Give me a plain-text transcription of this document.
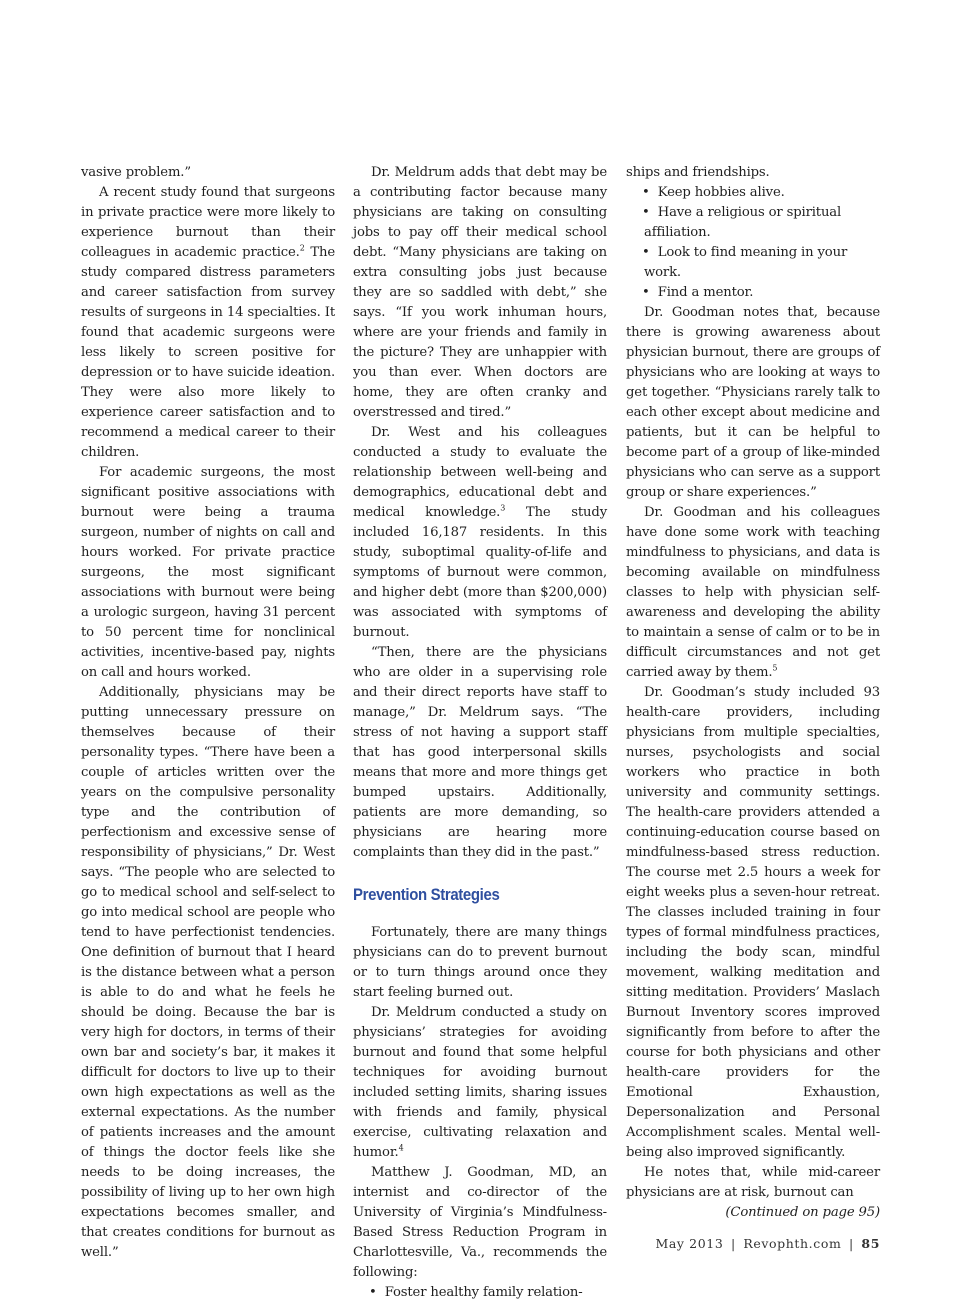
vasive problem.”

A recent study found that surgeons in private practice were more likely to experience burnout than their colleagues in academic practice.$^2$ The study compared distress parameters and career satisfaction from survey results of surgeons in 14 specialties. It found that academic surgeons were less likely to screen positive for depression or to have suicide ideation. They were also more likely to experience career satisfaction and to recommend a medical career to their children.

For academic surgeons, the most significant positive associations with burnout were being a trauma surgeon, number of nights on call and hours worked. For private practice surgeons, the most significant associations with burnout were being a urologic surgeon, having 31 percent to 50 percent time for nonclinical activities, incentive-based pay, nights on call and hours worked.

Additionally, physicians may be putting unnecessary pressure on themselves because of their personality types. “There have been a couple of articles written over the years on the compulsive personality type and the contribution of perfectionism and excessive sense of responsibility of physicians,” Dr. West says. “The people who are selected to go to medical school and self-select to go into medical school are people who tend to have perfectionist tendencies. One definition of burnout that I heard is the distance between what a person is able to do and what he feels he should be doing. Because the bar is very high for doctors, in terms of their own bar and society’s bar, it makes it difficult for doctors to live up to their own high expectations as well as the external expectations. As the number of patients increases and the amount of things the doctor feels like she needs to be doing increases, the possibility of living up to her own high expectations becomes smaller, and that creates conditions for burnout as well.”

Dr. Meldrum adds that debt may be a contributing factor because many physicians are taking on consulting jobs to pay off their medical school debt. “Many physicians are taking on extra consulting jobs just because they are so saddled with debt,” she says. “If you work inhuman hours, where are your friends and family in the picture? They are unhappier with you than ever. When doctors are home, they are often cranky and overstressed and tired.”

Dr. West and his colleagues conducted a study to evaluate the relationship between well-being and demographics, educational debt and medical knowledge.$^3$ The study included 16,187 residents. In this study, suboptimal quality-of-life and symptoms of burnout were common, and higher debt (more than $200,000) was associated with symptoms of burnout.

“Then, there are the physicians who are older in a supervising role and their direct reports have staff to manage,” Dr. Meldrum says. “The stress of not having a support staff that has good interpersonal skills means that more and more things get bumped upstairs. Additionally, patients are more demanding, so physicians are hearing more complaints than they did in the past.”

Prevention Strategies

Fortunately, there are many things physicians can do to prevent burnout or to turn things around once they start feeling burned out.

Dr. Meldrum conducted a study on physicians’ strategies for avoiding burnout and found that some helpful techniques for avoiding burnout included setting limits, sharing issues with friends and family, physical exercise, cultivating relaxation and humor.$^4$

Matthew J. Goodman, MD, an internist and co-director of the University of Virginia’s Mindfulness-Based Stress Reduction Program in Charlottesville, Va., recommends the following:

•  Foster healthy family relation-

ships and friendships.

•  Keep hobbies alive.
•  Have a religious or spiritual affiliation.
•  Look to find meaning in your work.
•  Find a mentor.

Dr. Goodman notes that, because there is growing awareness about physician burnout, there are groups of physicians who are looking at ways to get together. “Physicians rarely talk to each other except about medicine and patients, but it can be helpful to become part of a group of like-minded physicians who can serve as a support group or share experiences.”

Dr. Goodman and his colleagues have done some work with teaching mindfulness to physicians, and data is becoming available on mindfulness classes to help with physician self-awareness and developing the ability to maintain a sense of calm or to be in difficult circumstances and not get carried away by them.$^5$

Dr. Goodman’s study included 93 health-care providers, including physicians from multiple specialties, nurses, psychologists and social workers who practice in both university and community settings. The health-care providers attended a continuing-education course based on mindfulness-based stress reduction. The course met 2.5 hours a week for eight weeks plus a seven-hour retreat. The classes included training in four types of formal mindfulness practices, including the body scan, mindful movement, walking meditation and sitting meditation. Providers’ Maslach Burnout Inventory scores improved significantly from before to after the course for both physicians and other health-care providers for the Emotional Exhaustion, Depersonalization and Personal Accomplishment scales. Mental well-being also improved significantly.

He notes that, while mid-career physicians are at risk, burnout can

(Continued on page 95)

May 2013 | Revophth.com | 85
